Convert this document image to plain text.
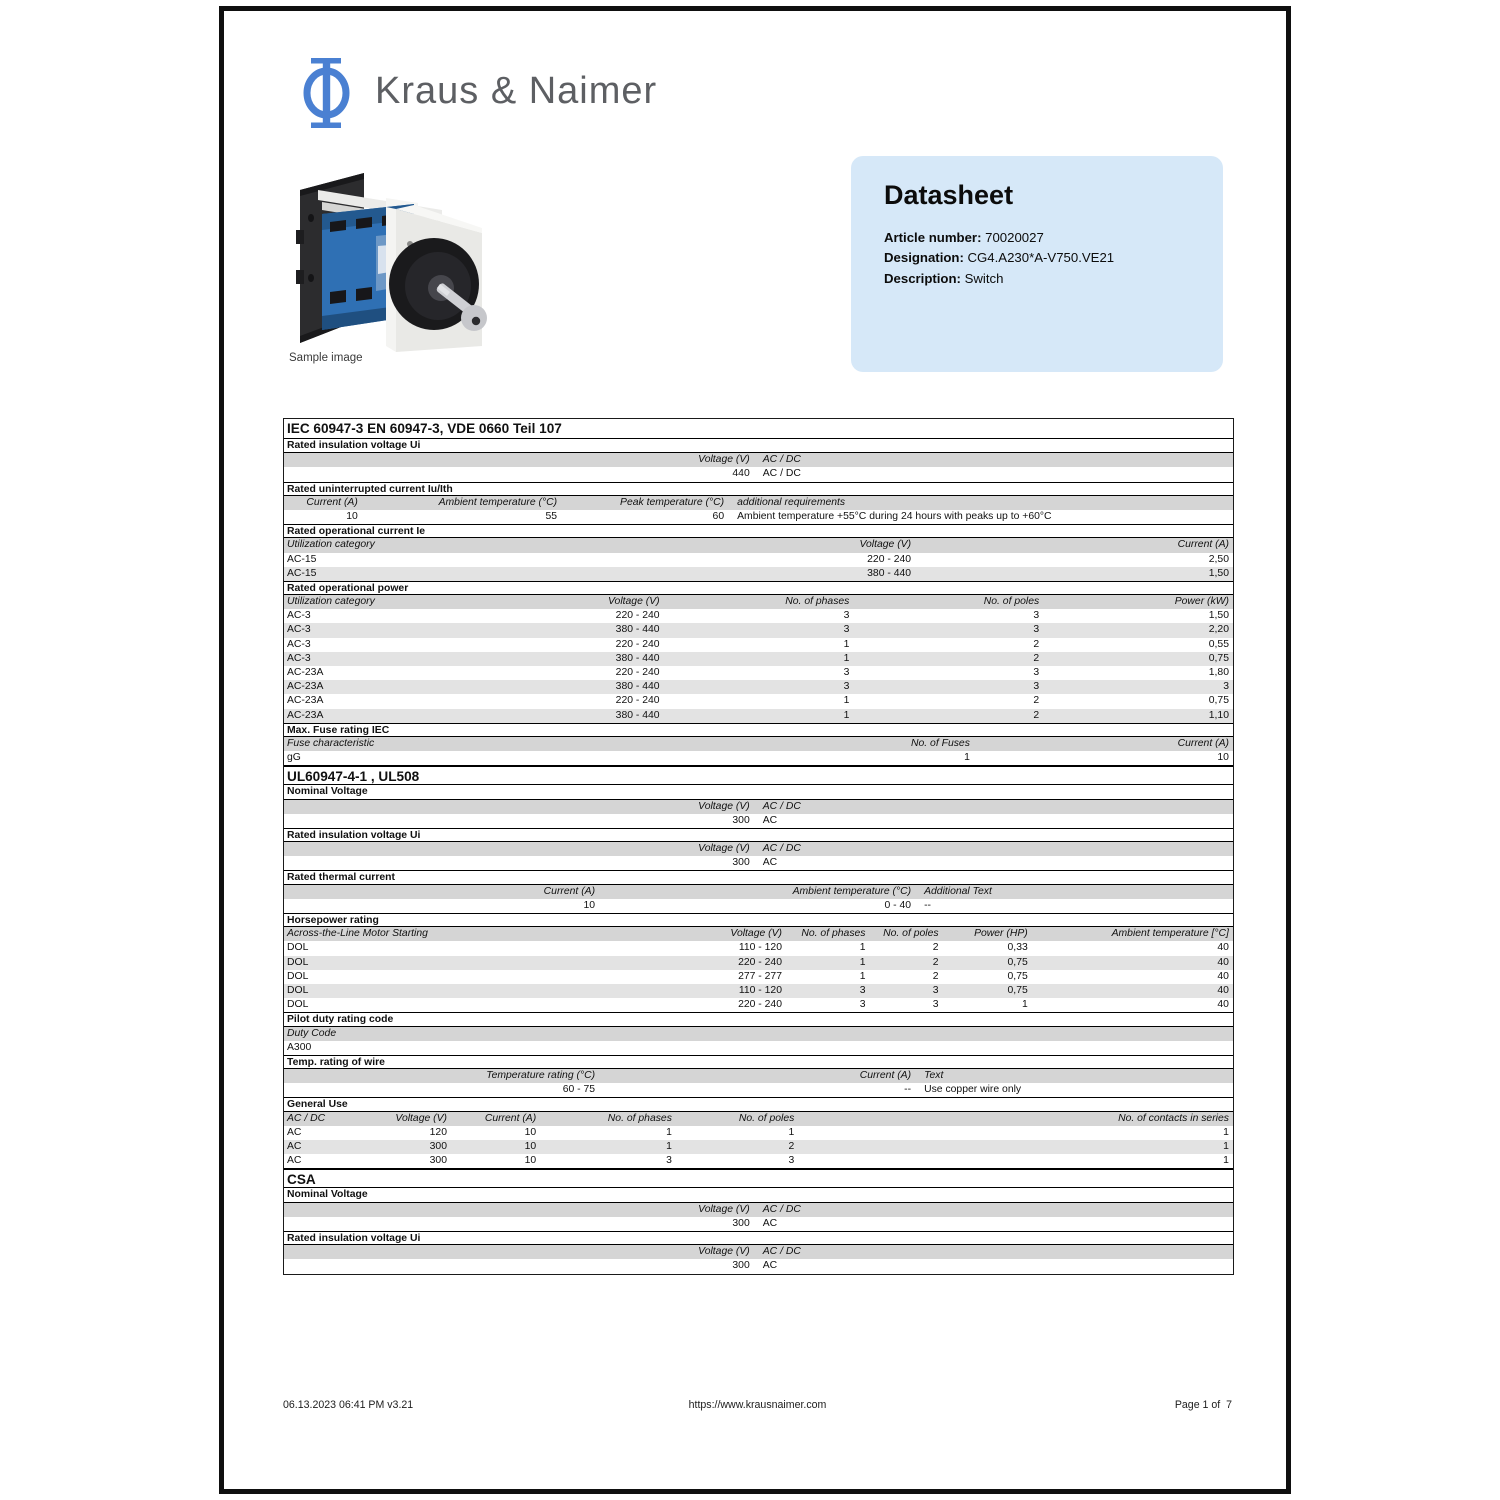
Kraus & Naimer
Sample image
Datasheet
Article number: 70020027
Designation: CG4.A230*A-V750.VE21
Description: Switch
IEC 60947-3 EN 60947-3, VDE 0660 Teil 107
Rated insulation voltage Ui
Voltage (V)	AC / DC
440	AC / DC
Rated uninterrupted current Iu/Ith
Current (A)	Ambient temperature (°C)	Peak temperature (°C)	additional requirements
10	55	60	Ambient temperature +55°C during 24 hours with peaks up to +60°C
Rated operational current Ie
Utilization category	Voltage (V)	Current (A)
AC-15	220 - 240	2,50
AC-15	380 - 440	1,50
Rated operational power
Utilization category	Voltage (V)	No. of phases	No. of poles	Power (kW)
AC-3	220 - 240	3	3	1,50
AC-3	380 - 440	3	3	2,20
AC-3	220 - 240	1	2	0,55
AC-3	380 - 440	1	2	0,75
AC-23A	220 - 240	3	3	1,80
AC-23A	380 - 440	3	3	3
AC-23A	220 - 240	1	2	0,75
AC-23A	380 - 440	1	2	1,10
Max. Fuse rating IEC
Fuse characteristic	No. of Fuses	Current (A)
gG	1	10
UL60947-4-1 , UL508
Nominal Voltage
Voltage (V)	AC / DC
300	AC
Rated insulation voltage Ui
Voltage (V)	AC / DC
300	AC
Rated thermal current
Current (A)	Ambient temperature (°C)	Additional Text
10	0 - 40	--
Horsepower rating
Across-the-Line Motor Starting	Voltage (V)	No. of phases	No. of poles	Power (HP)	Ambient temperature [°C]
DOL	110 - 120	1	2	0,33	40
DOL	220 - 240	1	2	0,75	40
DOL	277 - 277	1	2	0,75	40
DOL	110 - 120	3	3	0,75	40
DOL	220 - 240	3	3	1	40
Pilot duty rating code
Duty Code
A300
Temp. rating of wire
Temperature rating (°C)	Current (A)	Text
60 - 75	--	Use copper wire only
General Use
AC / DC	Voltage (V)	Current (A)	No. of phases	No. of poles	No. of contacts in series
AC	120	10	1	1	1
AC	300	10	1	2	1
AC	300	10	3	3	1
CSA
Nominal Voltage
Voltage (V)	AC / DC
300	AC
Rated insulation voltage Ui
Voltage (V)	AC / DC
300	AC
06.13.2023 06:41 PM v3.21	https://www.krausnaimer.com	Page 1 of  7
